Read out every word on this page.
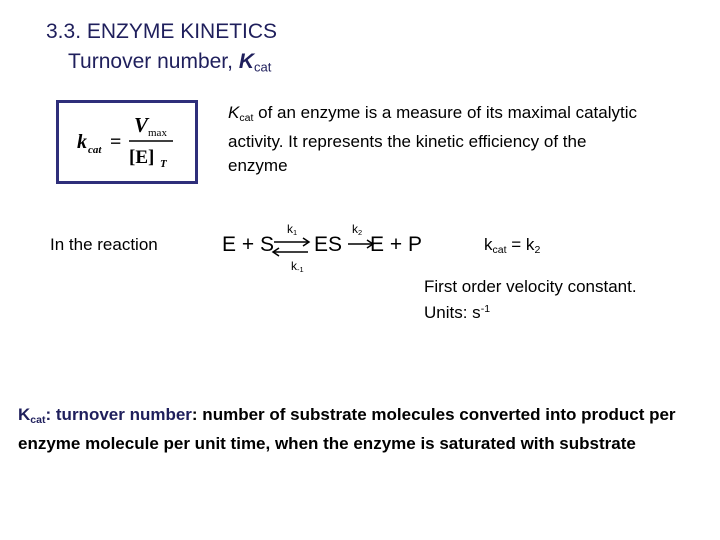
3.3. ENZYME KINETICS
Turnover number, $K_{cat}$
k cat =
V max
[E] T
$K_{cat}$ of an enzyme is a measure of its maximal catalytic activity. It represents the kinetic efficiency of the enzyme
In the reaction	E + S
$k_1$
$k_{-1}$
ES
$k_2$
E + P	$k_{cat} = k_2$
First order velocity constant. Units: $s^{-1}$
$K_{cat}$: turnover number: number of substrate molecules converted into product per enzyme molecule per unit time, when the enzyme is saturated with substrate
